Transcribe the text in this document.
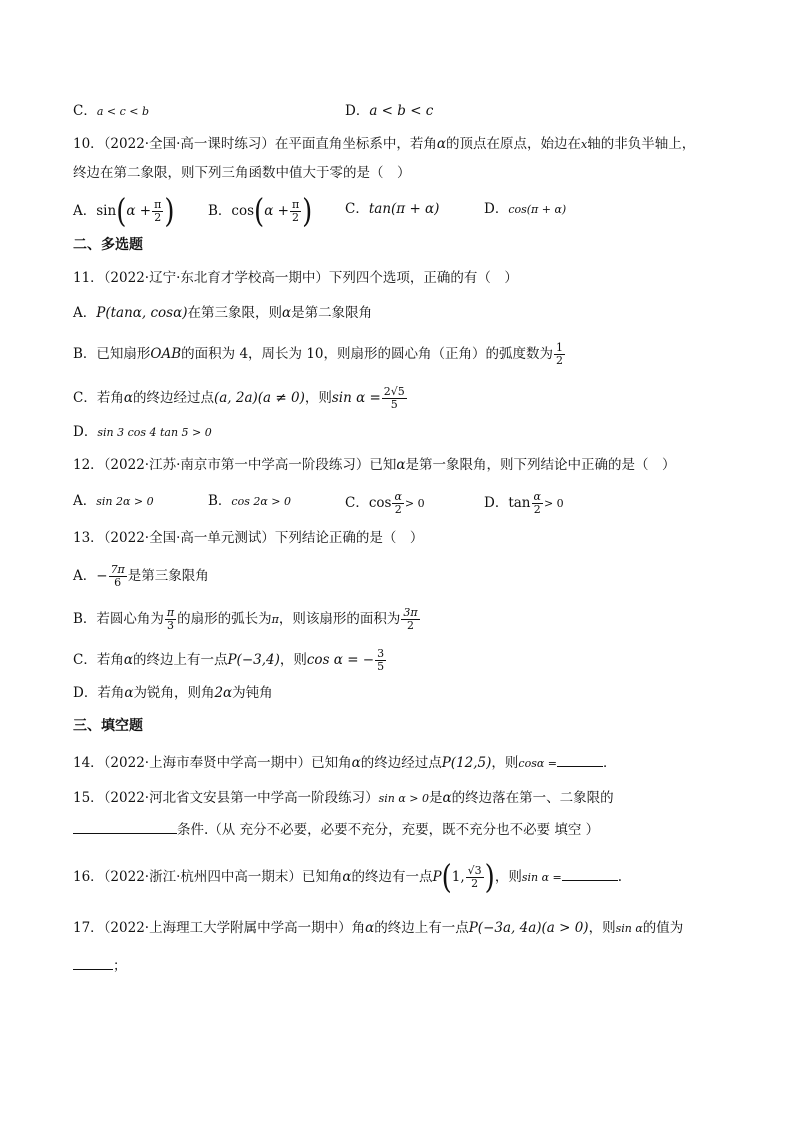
C．a < c < b	D．a < b < c
10．（2022·全国·高一课时练习）在平面直角坐标系中，若角α的顶点在原点，始边在x轴的非负半轴上，
终边在第二象限，则下列三角函数中值大于零的是（　）
A．$\sin(\alpha + \frac{\pi}{2}$ ) B．$\cos(\alpha + \frac{\pi}{2}$ ) C．tan(π + α)	D．cos(π + α)
二、多选题
11．（2022·辽宁·东北育才学校高一期中）下列四个选项，正确的有（　）
A．P(tanα, cosα)在第三象限，则α是第二象限角
B．已知扇形OAB的面积为 4，周长为 10，则扇形的圆心角（正角）的弧度数为 $\frac{1}{2}$
C．若角α的终边经过点(a, 2a)(a ≠ 0)，则$\sin \alpha = \frac{2√5}{5}$
D．sin 3 cos 4 tan 5 > 0
12．（2022·江苏·南京市第一中学高一阶段练习）已知α是第一象限角，则下列结论中正确的是（　）
A．sin 2α > 0	B．cos 2α > 0	C．$\cos \frac{\alpha}{2} > 0$	D．$\tan \frac{\alpha}{2} > 0$
13．（2022·全国·高一单元测试）下列结论正确的是（　）
A．− $\frac{7\pi}{6}$ 是第三象限角
B．若圆心角为 $\frac{\pi}{3}$ 的扇形的弧长为π，则该扇形的面积为 $\frac{3\pi}{2}$
C．若角α的终边上有一点P(−3,4)，则cos α = − $\frac{3}{5}$
D．若角α为锐角，则角2α为钝角
三、填空题
14．（2022·上海市奉贤中学高一期中）已知角α的终边经过点P(12,5)，则cosα =	．
15．（2022·河北省文安县第一中学高一阶段练习）sin α > 0是α的终边落在第一、二象限的
条件.（从 充分不必要，必要不充分，充要，既不充分也不必要 填空 ）
16．（2022·浙江·杭州四中高一期末）已知角α的终边有一点P(1, $\frac{√3}{2}$ )，则sin α =	.
17．（2022·上海理工大学附属中学高一期中）角α的终边上有一点P(−3a, 4a)(a > 0)，则sin α的值为
；
